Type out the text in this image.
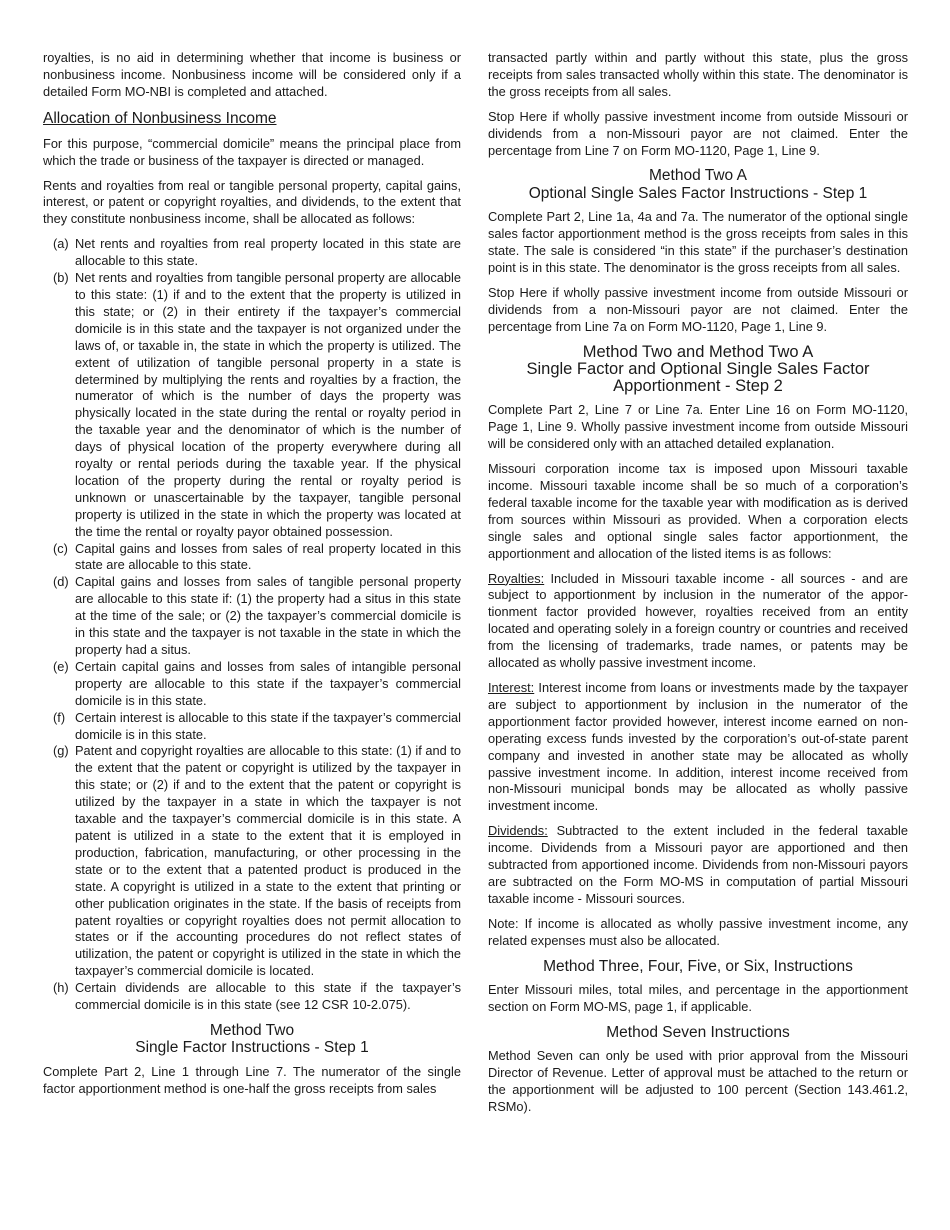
royalties, is no aid in determining whether that income is business or nonbusiness income. Nonbusiness income will be considered only if a detailed Form MO-NBI is completed and attached.

Allocation of Nonbusiness Income

For this purpose, “commercial domicile” means the principal place from which the trade or business of the taxpayer is directed or managed.

Rents and royalties from real or tangible personal property, capital gains, interest, or patent or copyright royalties, and dividends, to the extent that they constitute nonbusiness income, shall be allocated as follows:

(a) Net rents and royalties from real property located in this state are allocable to this state.
(b) Net rents and royalties from tangible personal property are allocable to this state: (1) if and to the extent that the property is utilized in this state; or (2) in their entirety if the taxpayer’s commercial domicile is in this state and the taxpayer is not organized under the laws of, or taxable in, the state in which the property is utilized. The extent of utilization of tangible personal property in a state is determined by multiplying the rents and royalties by a fraction, the numerator of which is the number of days the property was physically located in the state during the rental or royalty period in the taxable year and the denominator of which is the number of days of physical location of the property everywhere during all royalty or rental periods during the taxable year. If the physical location of the property during the rental or royalty period is unknown or unascertainable by the taxpayer, tangible personal property is utilized in the state in which the property was located at the time the rental or royalty payor obtained possession.
(c) Capital gains and losses from sales of real property located in this state are allocable to this state.
(d) Capital gains and losses from sales of tangible personal property are allocable to this state if: (1) the property had a situs in this state at the time of the sale; or (2) the taxpayer’s commercial domicile is in this state and the taxpayer is not taxable in the state in which the property had a situs.
(e) Certain capital gains and losses from sales of intangible personal property are allocable to this state if the taxpayer’s commercial domicile is in this state.
(f) Certain interest is allocable to this state if the taxpayer’s commercial domicile is in this state.
(g) Patent and copyright royalties are allocable to this state: (1) if and to the extent that the patent or copyright is utilized by the taxpayer in this state; or (2) if and to the extent that the patent or copyright is utilized by the taxpayer in a state in which the taxpayer is not taxable and the taxpayer’s commercial domicile is in this state. A patent is utilized in a state to the extent that it is employed in production, fabrication, manufacturing, or other processing in the state or to the extent that a patented product is produced in the state. A copyright is utilized in a state to the extent that printing or other publication originates in the state. If the basis of receipts from patent royalties or copyright royalties does not permit allocation to states or if the accounting procedures do not reflect states of utilization, the patent or copyright is utilized in the state in which the taxpayer’s commercial domicile is located.
(h) Certain dividends are allocable to this state if the taxpayer’s commercial domicile is in this state (see 12 CSR 10-2.075).
Method Two
Single Factor Instructions - Step 1

Complete Part 2, Line 1 through Line 7. The numerator of the single factor apportionment method is one-half the gross receipts from sales

transacted partly within and partly without this state, plus the gross receipts from sales transacted wholly within this state. The denominator is the gross receipts from all sales.

Stop Here if wholly passive investment income from outside Missouri or dividends from a non-Missouri payor are not claimed. Enter the percentage from Line 7 on Form MO-1120, Page 1, Line 9.

Method Two A
Optional Single Sales Factor Instructions - Step 1

Complete Part 2, Line 1a, 4a and 7a. The numerator of the optional single sales factor apportionment method is the gross receipts from sales in this state. The sale is considered “in this state” if the purchaser’s destination point is in this state. The denominator is the gross receipts from all sales.

Stop Here if wholly passive investment income from outside Missouri or dividends from a non-Missouri payor are not claimed. Enter the percentage from Line 7a on Form MO-1120, Page 1, Line 9.

Method Two and Method Two A
Single Factor and Optional Single Sales Factor
Apportionment - Step 2

Complete Part 2, Line 7 or Line 7a. Enter Line 16 on Form MO-1120, Page 1, Line 9. Wholly passive investment income from outside Missouri will be considered only with an attached detailed explanation.

Missouri corporation income tax is imposed upon Missouri taxable income. Missouri taxable income shall be so much of a corporation’s federal taxable income for the taxable year with modification as is derived from sources within Missouri as provided. When a corporation elects single sales and optional single sales factor apportionment, the apportionment and allocation of the listed items is as follows:

Royalties: Included in Missouri taxable income - all sources - and are subject to apportionment by inclusion in the numerator of the apportionment factor provided however, royalties received from an entity located and operating solely in a foreign country or countries and received from the licensing of trademarks, trade names, or patents may be allocated as wholly passive investment income.

Interest: Interest income from loans or investments made by the taxpayer are subject to apportionment by inclusion in the numerator of the apportionment factor provided however, interest income earned on non-operating excess funds invested by the corporation’s out-of-state parent company and invested in another state may be allocated as wholly passive investment income. In addition, interest income received from non-Missouri municipal bonds may be allocated as wholly passive investment income.

Dividends: Subtracted to the extent included in the federal taxable income. Dividends from a Missouri payor are apportioned and then subtracted from apportioned income. Dividends from non-Missouri payors are subtracted on the Form MO-MS in computation of partial Missouri taxable income - Missouri sources.

Note: If income is allocated as wholly passive investment income, any related expenses must also be allocated.

Method Three, Four, Five, or Six, Instructions

Enter Missouri miles, total miles, and percentage in the apportionment section on Form MO-MS, page 1, if applicable.

Method Seven Instructions

Method Seven can only be used with prior approval from the Missouri Director of Revenue. Letter of approval must be attached to the return or the apportionment will be adjusted to 100 percent (Section 143.461.2, RSMo).
